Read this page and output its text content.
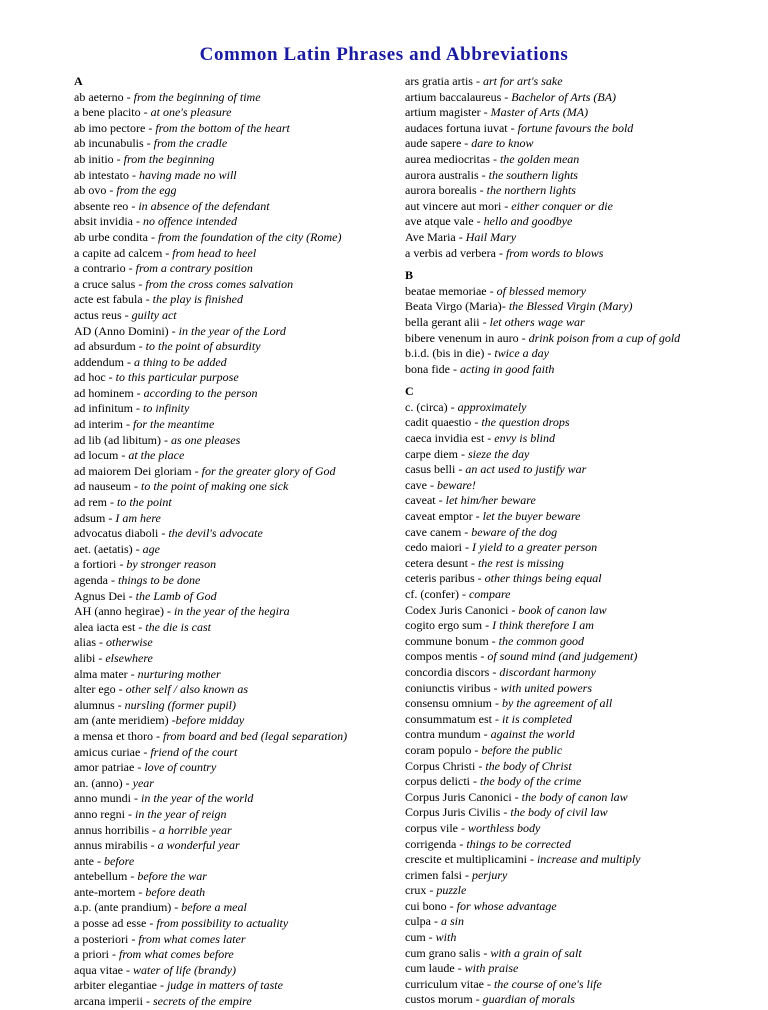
Common Latin Phrases and Abbreviations
A
ab aeterno - from the beginning of time
a bene placito - at one's pleasure
ab imo pectore - from the bottom of the heart
ab incunabulis - from the cradle
ab initio - from the beginning
ab intestato - having made no will
ab ovo - from the egg
absente reo - in absence of the defendant
absit invidia - no offence intended
ab urbe condita - from the foundation of the city (Rome)
a capite ad calcem - from head to heel
a contrario - from a contrary position
a cruce salus - from the cross comes salvation
acte est fabula - the play is finished
actus reus - guilty act
AD (Anno Domini) - in the year of the Lord
ad absurdum - to the point of absurdity
addendum - a thing to be added
ad hoc - to this particular purpose
ad hominem - according to the person
ad infinitum - to infinity
ad interim - for the meantime
ad lib (ad libitum) - as one pleases
ad locum - at the place
ad maiorem Dei gloriam - for the greater glory of God
ad nauseum - to the point of making one sick
ad rem - to the point
adsum - I am here
advocatus diaboli - the devil's advocate
aet. (aetatis) - age
a fortiori - by stronger reason
agenda - things to be done
Agnus Dei - the Lamb of God
AH (anno hegirae) - in the year of the hegira
alea iacta est - the die is cast
alias - otherwise
alibi - elsewhere
alma mater - nurturing mother
alter ego - other self / also known as
alumnus - nursling (former pupil)
am (ante meridiem) -before midday
a mensa et thoro - from board and bed (legal separation)
amicus curiae - friend of the court
amor patriae - love of country
an. (anno) - year
anno mundi - in the year of the world
anno regni - in the year of reign
annus horribilis - a horrible year
annus mirabilis - a wonderful year
ante - before
antebellum - before the war
ante-mortem - before death
a.p. (ante prandium) - before a meal
a posse ad esse - from possibility to actuality
a posteriori - from what comes later
a priori - from what comes before
aqua vitae - water of life (brandy)
arbiter elegantiae - judge in matters of taste
arcana imperii - secrets of the empire
ars gratia artis - art for art's sake
artium baccalaureus - Bachelor of Arts (BA)
artium magister - Master of Arts (MA)
audaces fortuna iuvat - fortune favours the bold
aude sapere - dare to know
aurea mediocritas - the golden mean
aurora australis - the southern lights
aurora borealis - the northern lights
aut vincere aut mori - either conquer or die
ave atque vale - hello and goodbye
Ave Maria - Hail Mary
a verbis ad verbera - from words to blows
B
beatae memoriae - of blessed memory
Beata Virgo (Maria)- the Blessed Virgin (Mary)
bella gerant alii - let others wage war
bibere venenum in auro - drink poison from a cup of gold
b.i.d. (bis in die) - twice a day
bona fide - acting in good faith
C
c. (circa) - approximately
cadit quaestio - the question drops
caeca invidia est - envy is blind
carpe diem - sieze the day
casus belli - an act used to justify war
cave - beware!
caveat - let him/her beware
caveat emptor - let the buyer beware
cave canem - beware of the dog
cedo maiori - I yield to a greater person
cetera desunt - the rest is missing
ceteris paribus - other things being equal
cf. (confer) - compare
Codex Juris Canonici - book of canon law
cogito ergo sum - I think therefore I am
commune bonum - the common good
compos mentis - of sound mind (and judgement)
concordia discors - discordant harmony
coniunctis viribus - with united powers
consensu omnium - by the agreement of all
consummatum est - it is completed
contra mundum - against the world
coram populo - before the public
Corpus Christi - the body of Christ
corpus delicti - the body of the crime
Corpus Juris Canonici - the body of canon law
Corpus Juris Civilis - the body of civil law
corpus vile - worthless body
corrigenda - things to be corrected
crescite et multiplicamini - increase and multiply
crimen falsi - perjury
crux - puzzle
cui bono - for whose advantage
culpa - a sin
cum - with
cum grano salis - with a grain of salt
cum laude - with praise
curriculum vitae - the course of one's life
custos morum - guardian of morals
